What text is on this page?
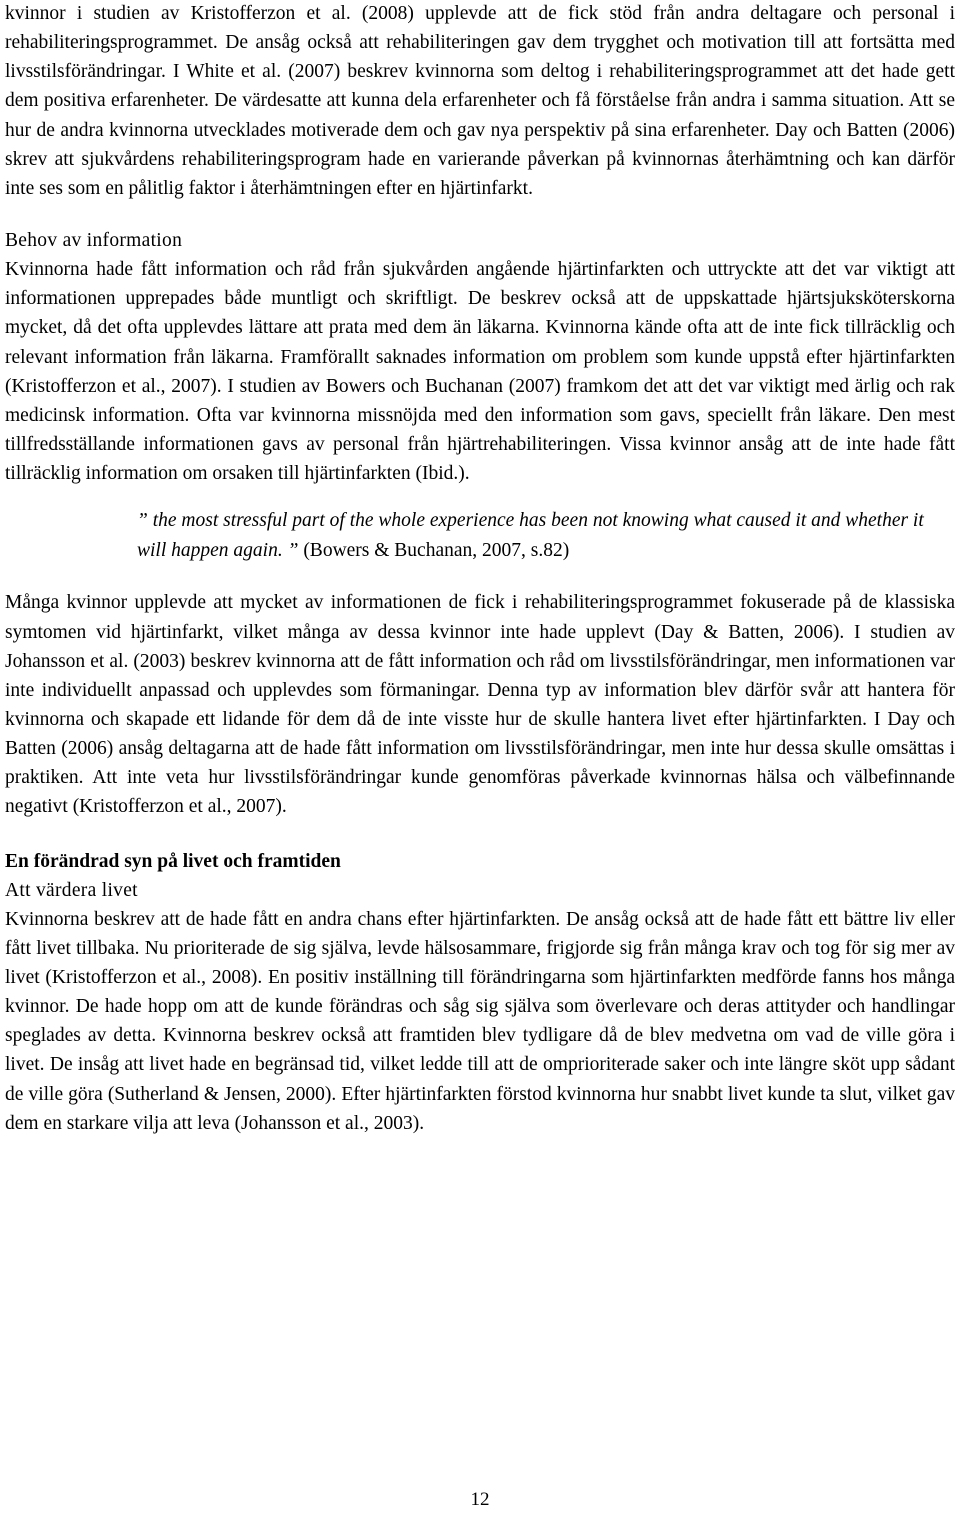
kvinnor i studien av Kristofferzon et al. (2008) upplevde att de fick stöd från andra deltagare och personal i rehabiliteringsprogrammet. De ansåg också att rehabiliteringen gav dem trygghet och motivation till att fortsätta med livsstilsförändringar. I White et al. (2007) beskrev kvinnorna som deltog i rehabiliteringsprogrammet att det hade gett dem positiva erfarenheter. De värdesatte att kunna dela erfarenheter och få förståelse från andra i samma situation. Att se hur de andra kvinnorna utvecklades motiverade dem och gav nya perspektiv på sina erfarenheter. Day och Batten (2006) skrev att sjukvårdens rehabiliteringsprogram hade en varierande påverkan på kvinnornas återhämtning och kan därför inte ses som en pålitlig faktor i återhämtningen efter en hjärtinfarkt.

Behov av information

Kvinnorna hade fått information och råd från sjukvården angående hjärtinfarkten och uttryckte att det var viktigt att informationen upprepades både muntligt och skriftligt. De beskrev också att de uppskattade hjärtsjuksköterskorna mycket, då det ofta upplevdes lättare att prata med dem än läkarna. Kvinnorna kände ofta att de inte fick tillräcklig och relevant information från läkarna. Framförallt saknades information om problem som kunde uppstå efter hjärtinfarkten (Kristofferzon et al., 2007). I studien av Bowers och Buchanan (2007) framkom det att det var viktigt med ärlig och rak medicinsk information. Ofta var kvinnorna missnöjda med den information som gavs, speciellt från läkare. Den mest tillfredsställande informationen gavs av personal från hjärtrehabiliteringen. Vissa kvinnor ansåg att de inte hade fått tillräcklig information om orsaken till hjärtinfarkten (Ibid.).

” the most stressful part of the whole experience has been not knowing what caused it and whether it will happen again. ” (Bowers & Buchanan, 2007, s.82)

Många kvinnor upplevde att mycket av informationen de fick i rehabiliteringsprogrammet fokuserade på de klassiska symtomen vid hjärtinfarkt, vilket många av dessa kvinnor inte hade upplevt (Day & Batten, 2006). I studien av Johansson et al. (2003) beskrev kvinnorna att de fått information och råd om livsstilsförändringar, men informationen var inte individuellt anpassad och upplevdes som förmaningar. Denna typ av information blev därför svår att hantera för kvinnorna och skapade ett lidande för dem då de inte visste hur de skulle hantera livet efter hjärtinfarkten. I Day och Batten (2006) ansåg deltagarna att de hade fått information om livsstilsförändringar, men inte hur dessa skulle omsättas i praktiken. Att inte veta hur livsstilsförändringar kunde genomföras påverkade kvinnornas hälsa och välbefinnande negativt (Kristofferzon et al., 2007).

En förändrad syn på livet och framtiden

Att värdera livet

Kvinnorna beskrev att de hade fått en andra chans efter hjärtinfarkten. De ansåg också att de hade fått ett bättre liv eller fått livet tillbaka. Nu prioriterade de sig själva, levde hälsosammare, frigjorde sig från många krav och tog för sig mer av livet (Kristofferzon et al., 2008). En positiv inställning till förändringarna som hjärtinfarkten medförde fanns hos många kvinnor. De hade hopp om att de kunde förändras och såg sig själva som överlevare och deras attityder och handlingar speglades av detta. Kvinnorna beskrev också att framtiden blev tydligare då de blev medvetna om vad de ville göra i livet. De insåg att livet hade en begränsad tid, vilket ledde till att de omprioriterade saker och inte längre sköt upp sådant de ville göra (Sutherland & Jensen, 2000). Efter hjärtinfarkten förstod kvinnorna hur snabbt livet kunde ta slut, vilket gav dem en starkare vilja att leva (Johansson et al., 2003).

12
